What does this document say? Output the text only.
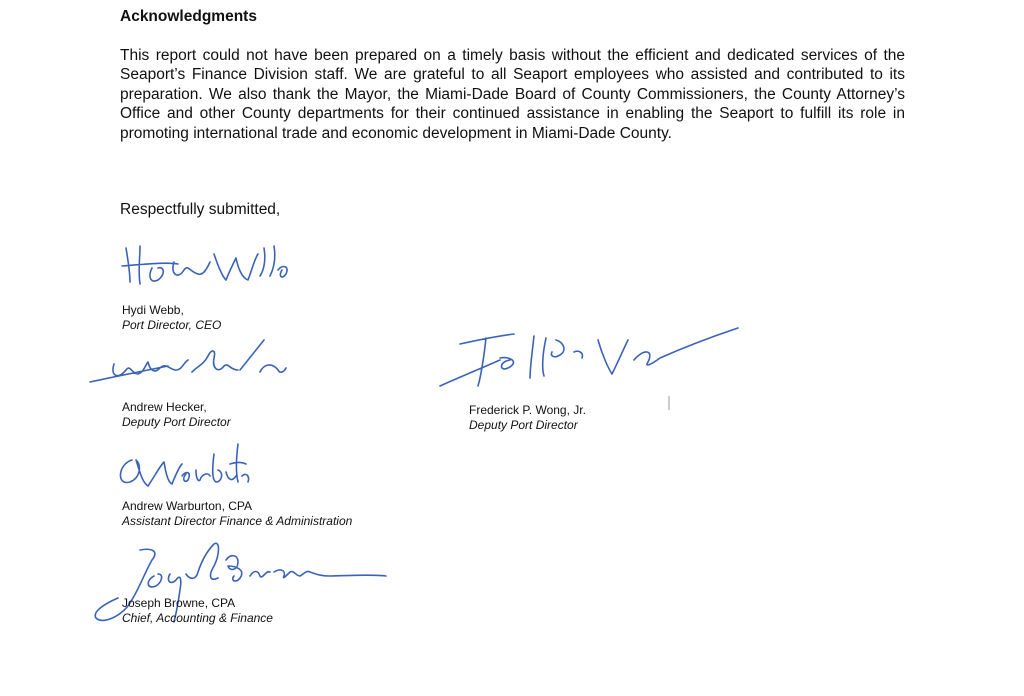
Acknowledgments

This report could not have been prepared on a timely basis without the efficient and dedicated services of the Seaport’s Finance Division staff. We are grateful to all Seaport employees who assisted and contributed to its preparation. We also thank the Mayor, the Miami-Dade Board of County Commissioners, the County Attorney’s Office and other County departments for their continued assistance in enabling the Seaport to fulfill its role in promoting international trade and economic development in Miami-Dade County.

Respectfully submitted,

Hydi Webb,
Port Director, CEO
Andrew Hecker,
Deputy Port Director
Frederick P. Wong, Jr.
Deputy Port Director
Andrew Warburton, CPA
Assistant Director Finance & Administration
Joseph Browne, CPA
Chief, Accounting & Finance
